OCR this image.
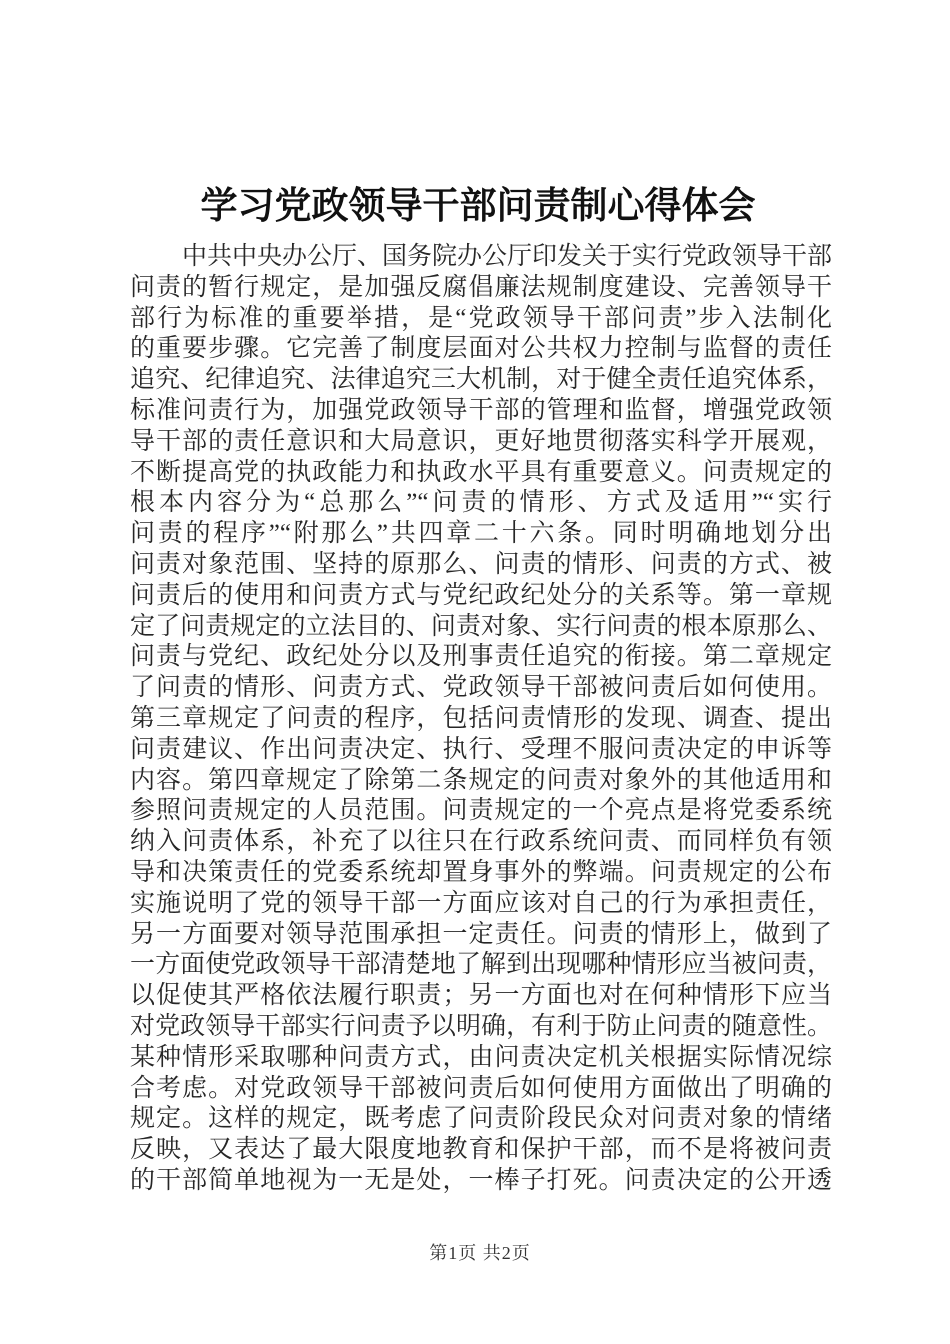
学习党政领导干部问责制心得体会
中共中央办公厅、国务院办公厅印发关于实行党政领导干部
问责的暂行规定，是加强反腐倡廉法规制度建设、完善领导干
部行为标准的重要举措，是“党政领导干部问责”步入法制化
的重要步骤。它完善了制度层面对公共权力控制与监督的责任
追究、纪律追究、法律追究三大机制，对于健全责任追究体系，
标准问责行为，加强党政领导干部的管理和监督，增强党政领
导干部的责任意识和大局意识，更好地贯彻落实科学开展观，
不断提高党的执政能力和执政水平具有重要意义。问责规定的
根本内容分为“总那么”“问责的情形、方式及适用”“实行
问责的程序”“附那么”共四章二十六条。同时明确地划分出
问责对象范围、坚持的原那么、问责的情形、问责的方式、被
问责后的使用和问责方式与党纪政纪处分的关系等。第一章规
定了问责规定的立法目的、问责对象、实行问责的根本原那么、
问责与党纪、政纪处分以及刑事责任追究的衔接。第二章规定
了问责的情形、问责方式、党政领导干部被问责后如何使用。
第三章规定了问责的程序，包括问责情形的发现、调查、提出
问责建议、作出问责决定、执行、受理不服问责决定的申诉等
内容。第四章规定了除第二条规定的问责对象外的其他适用和
参照问责规定的人员范围。问责规定的一个亮点是将党委系统
纳入问责体系，补充了以往只在行政系统问责、而同样负有领
导和决策责任的党委系统却置身事外的弊端。问责规定的公布
实施说明了党的领导干部一方面应该对自己的行为承担责任，
另一方面要对领导范围承担一定责任。问责的情形上，做到了
一方面使党政领导干部清楚地了解到出现哪种情形应当被问责，
以促使其严格依法履行职责；另一方面也对在何种情形下应当
对党政领导干部实行问责予以明确，有利于防止问责的随意性。
某种情形采取哪种问责方式，由问责决定机关根据实际情况综
合考虑。对党政领导干部被问责后如何使用方面做出了明确的
规定。这样的规定，既考虑了问责阶段民众对问责对象的情绪
反映，又表达了最大限度地教育和保护干部，而不是将被问责
的干部简单地视为一无是处，一棒子打死。问责决定的公开透
第1页 共2页
